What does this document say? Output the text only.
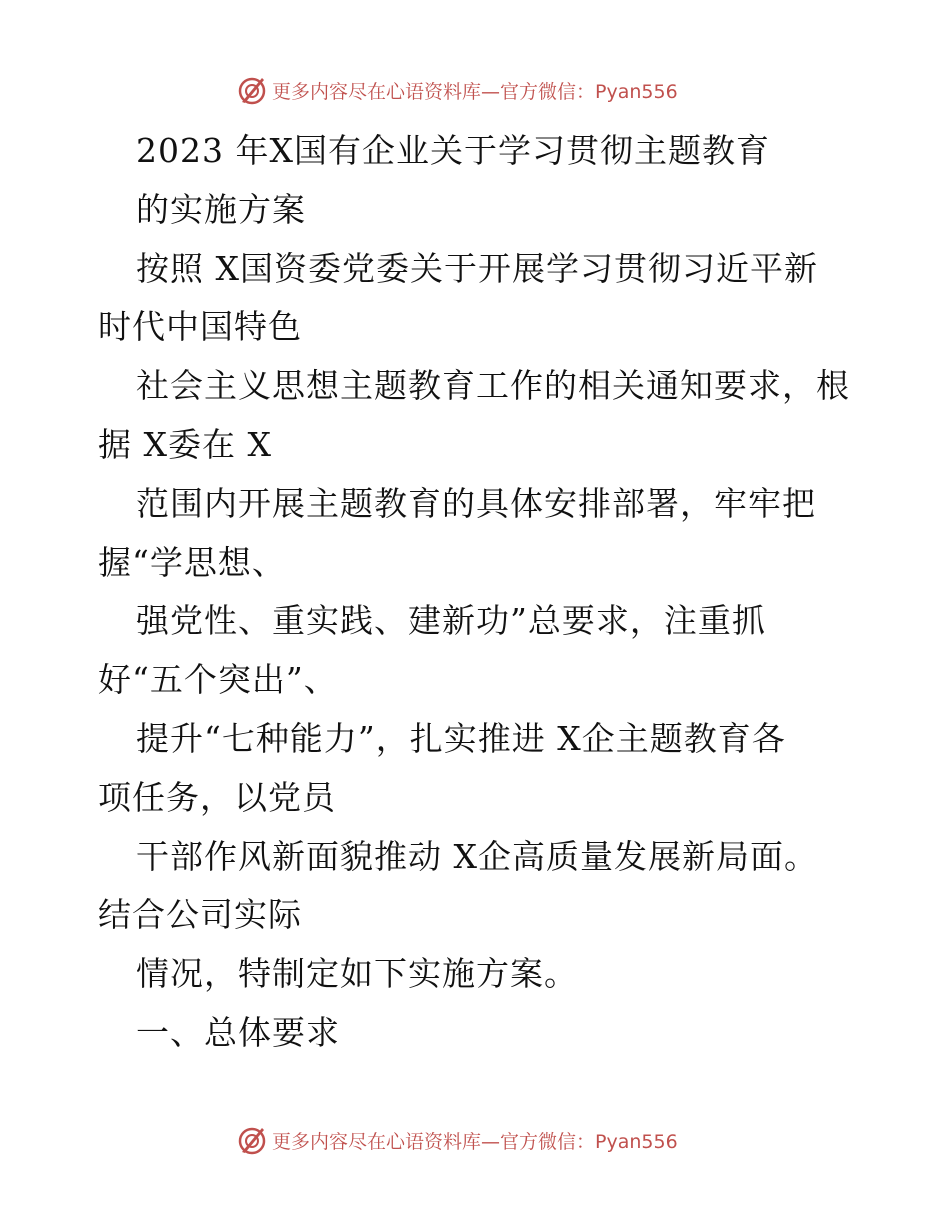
更多内容尽在心语资料库—官方微信：Pyan556
2023 年X国有企业关于学习贯彻主题教育
的实施方案
按照 X国资委党委关于开展学习贯彻习近平新
时代中国特色
社会主义思想主题教育工作的相关通知要求，根
据 X委在 X
范围内开展主题教育的具体安排部署，牢牢把
握“学思想、
强党性、重实践、建新功”总要求，注重抓
好“五个突出”、
提升“七种能力”，扎实推进 X企主题教育各
项任务，以党员
干部作风新面貌推动 X企高质量发展新局面。
结合公司实际
情况，特制定如下实施方案。
一、总体要求
更多内容尽在心语资料库—官方微信：Pyan556
